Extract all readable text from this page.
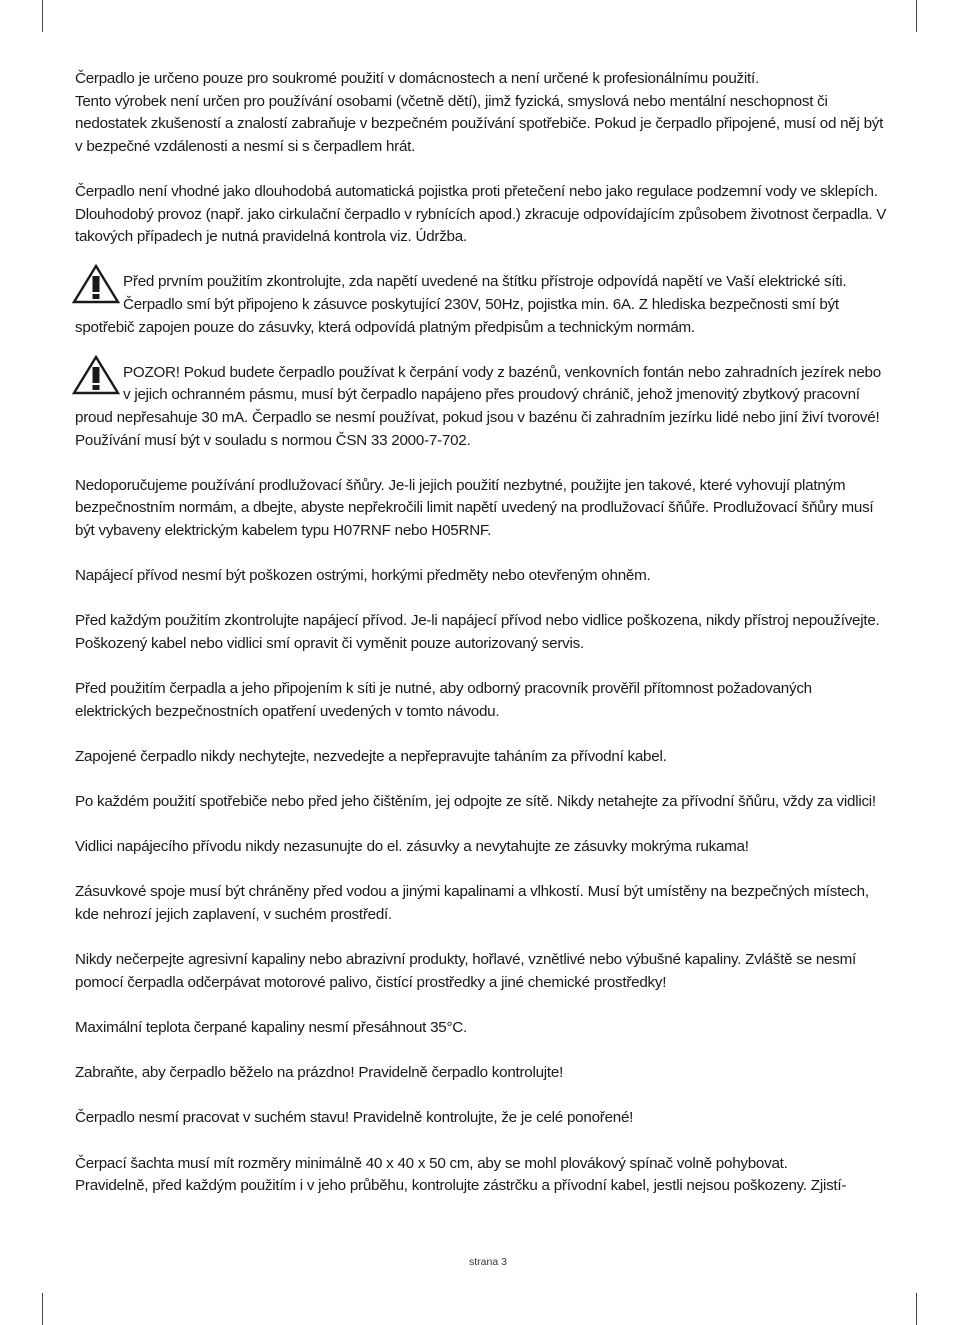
Čerpadlo je určeno pouze pro soukromé použití v domácnostech a není určené k profesionálnímu použití.

Tento výrobek není určen pro používání osobami (včetně dětí), jimž fyzická, smyslová nebo mentální neschopnost či nedostatek zkušeností a znalostí zabraňuje v bezpečném používání spotřebiče. Pokud je čerpadlo připojené, musí od něj být v bezpečné vzdálenosti a nesmí si s čerpadlem hrát.

Čerpadlo není vhodné jako dlouhodobá automatická pojistka proti přetečení nebo jako regulace podzemní vody ve sklepích. Dlouhodobý provoz (např. jako cirkulační čerpadlo v rybnících apod.) zkracuje odpovídajícím způsobem životnost čerpadla. V takových případech je nutná pravidelná kontrola viz. Údržba.

Před prvním použitím zkontrolujte, zda napětí uvedené na štítku přístroje odpovídá napětí ve Vaší elektrické síti. Čerpadlo smí být připojeno k zásuvce poskytující 230V, 50Hz, pojistka min. 6A. Z hlediska bezpečnosti smí být spotřebič zapojen pouze do zásuvky, která odpovídá platným předpisům a technickým normám.

POZOR! Pokud budete čerpadlo používat k čerpání vody z bazénů, venkovních fontán nebo zahradních jezírek nebo v jejich ochranném pásmu, musí být čerpadlo napájeno přes proudový chránič, jehož jmenovitý zbytkový pracovní proud nepřesahuje 30 mA. Čerpadlo se nesmí používat, pokud jsou v bazénu či zahradním jezírku lidé nebo jiní živí tvorové! Používání musí být v souladu s normou ČSN 33 2000-7-702.

Nedoporučujeme používání prodlužovací šňůry. Je-li jejich použití nezbytné, použijte jen takové, které vyhovují platným bezpečnostním normám, a dbejte, abyste nepřekročili limit napětí uvedený na prodlužovací šňůře. Prodlužovací šňůry musí být vybaveny elektrickým kabelem typu H07RNF nebo H05RNF.

Napájecí přívod nesmí být poškozen ostrými, horkými předměty nebo otevřeným ohněm.

Před každým použitím zkontrolujte napájecí přívod. Je-li napájecí přívod nebo vidlice poškozena, nikdy přístroj nepoužívejte. Poškozený kabel nebo vidlici smí opravit či vyměnit pouze autorizovaný servis.

Před použitím čerpadla a jeho připojením k síti je nutné, aby odborný pracovník prověřil přítomnost požadovaných elektrických bezpečnostních opatření uvedených v tomto návodu.

Zapojené čerpadlo nikdy nechytejte, nezvedejte a nepřepravujte taháním za přívodní kabel.

Po každém použití spotřebiče nebo před jeho čištěním, jej odpojte ze sítě. Nikdy netahejte za přívodní šňůru, vždy za vidlici!

Vidlici napájecího přívodu nikdy nezasunujte do el. zásuvky a nevytahujte ze zásuvky mokrýma rukama!

Zásuvkové spoje musí být chráněny před vodou a jinými kapalinami a vlhkostí. Musí být umístěny na bezpečných místech, kde nehrozí jejich zaplavení, v suchém prostředí.

Nikdy nečerpejte agresivní kapaliny nebo abrazivní produkty, hořlavé, vznětlivé nebo výbušné kapaliny. Zvláště se nesmí pomocí čerpadla odčerpávat motorové palivo, čistící prostředky a jiné chemické prostředky!

Maximální teplota čerpané kapaliny nesmí přesáhnout 35°C.

Zabraňte, aby čerpadlo běželo na prázdno! Pravidelně čerpadlo kontrolujte!

Čerpadlo nesmí pracovat v suchém stavu! Pravidelně kontrolujte, že je celé ponořené!

Čerpací šachta musí mít rozměry minimálně 40 x 40 x 50 cm, aby se mohl plovákový spínač volně pohybovat.

Pravidelně, před každým použitím i v jeho průběhu, kontrolujte zástrčku a přívodní kabel, jestli nejsou poškozeny. Zjistí-

strana 3
